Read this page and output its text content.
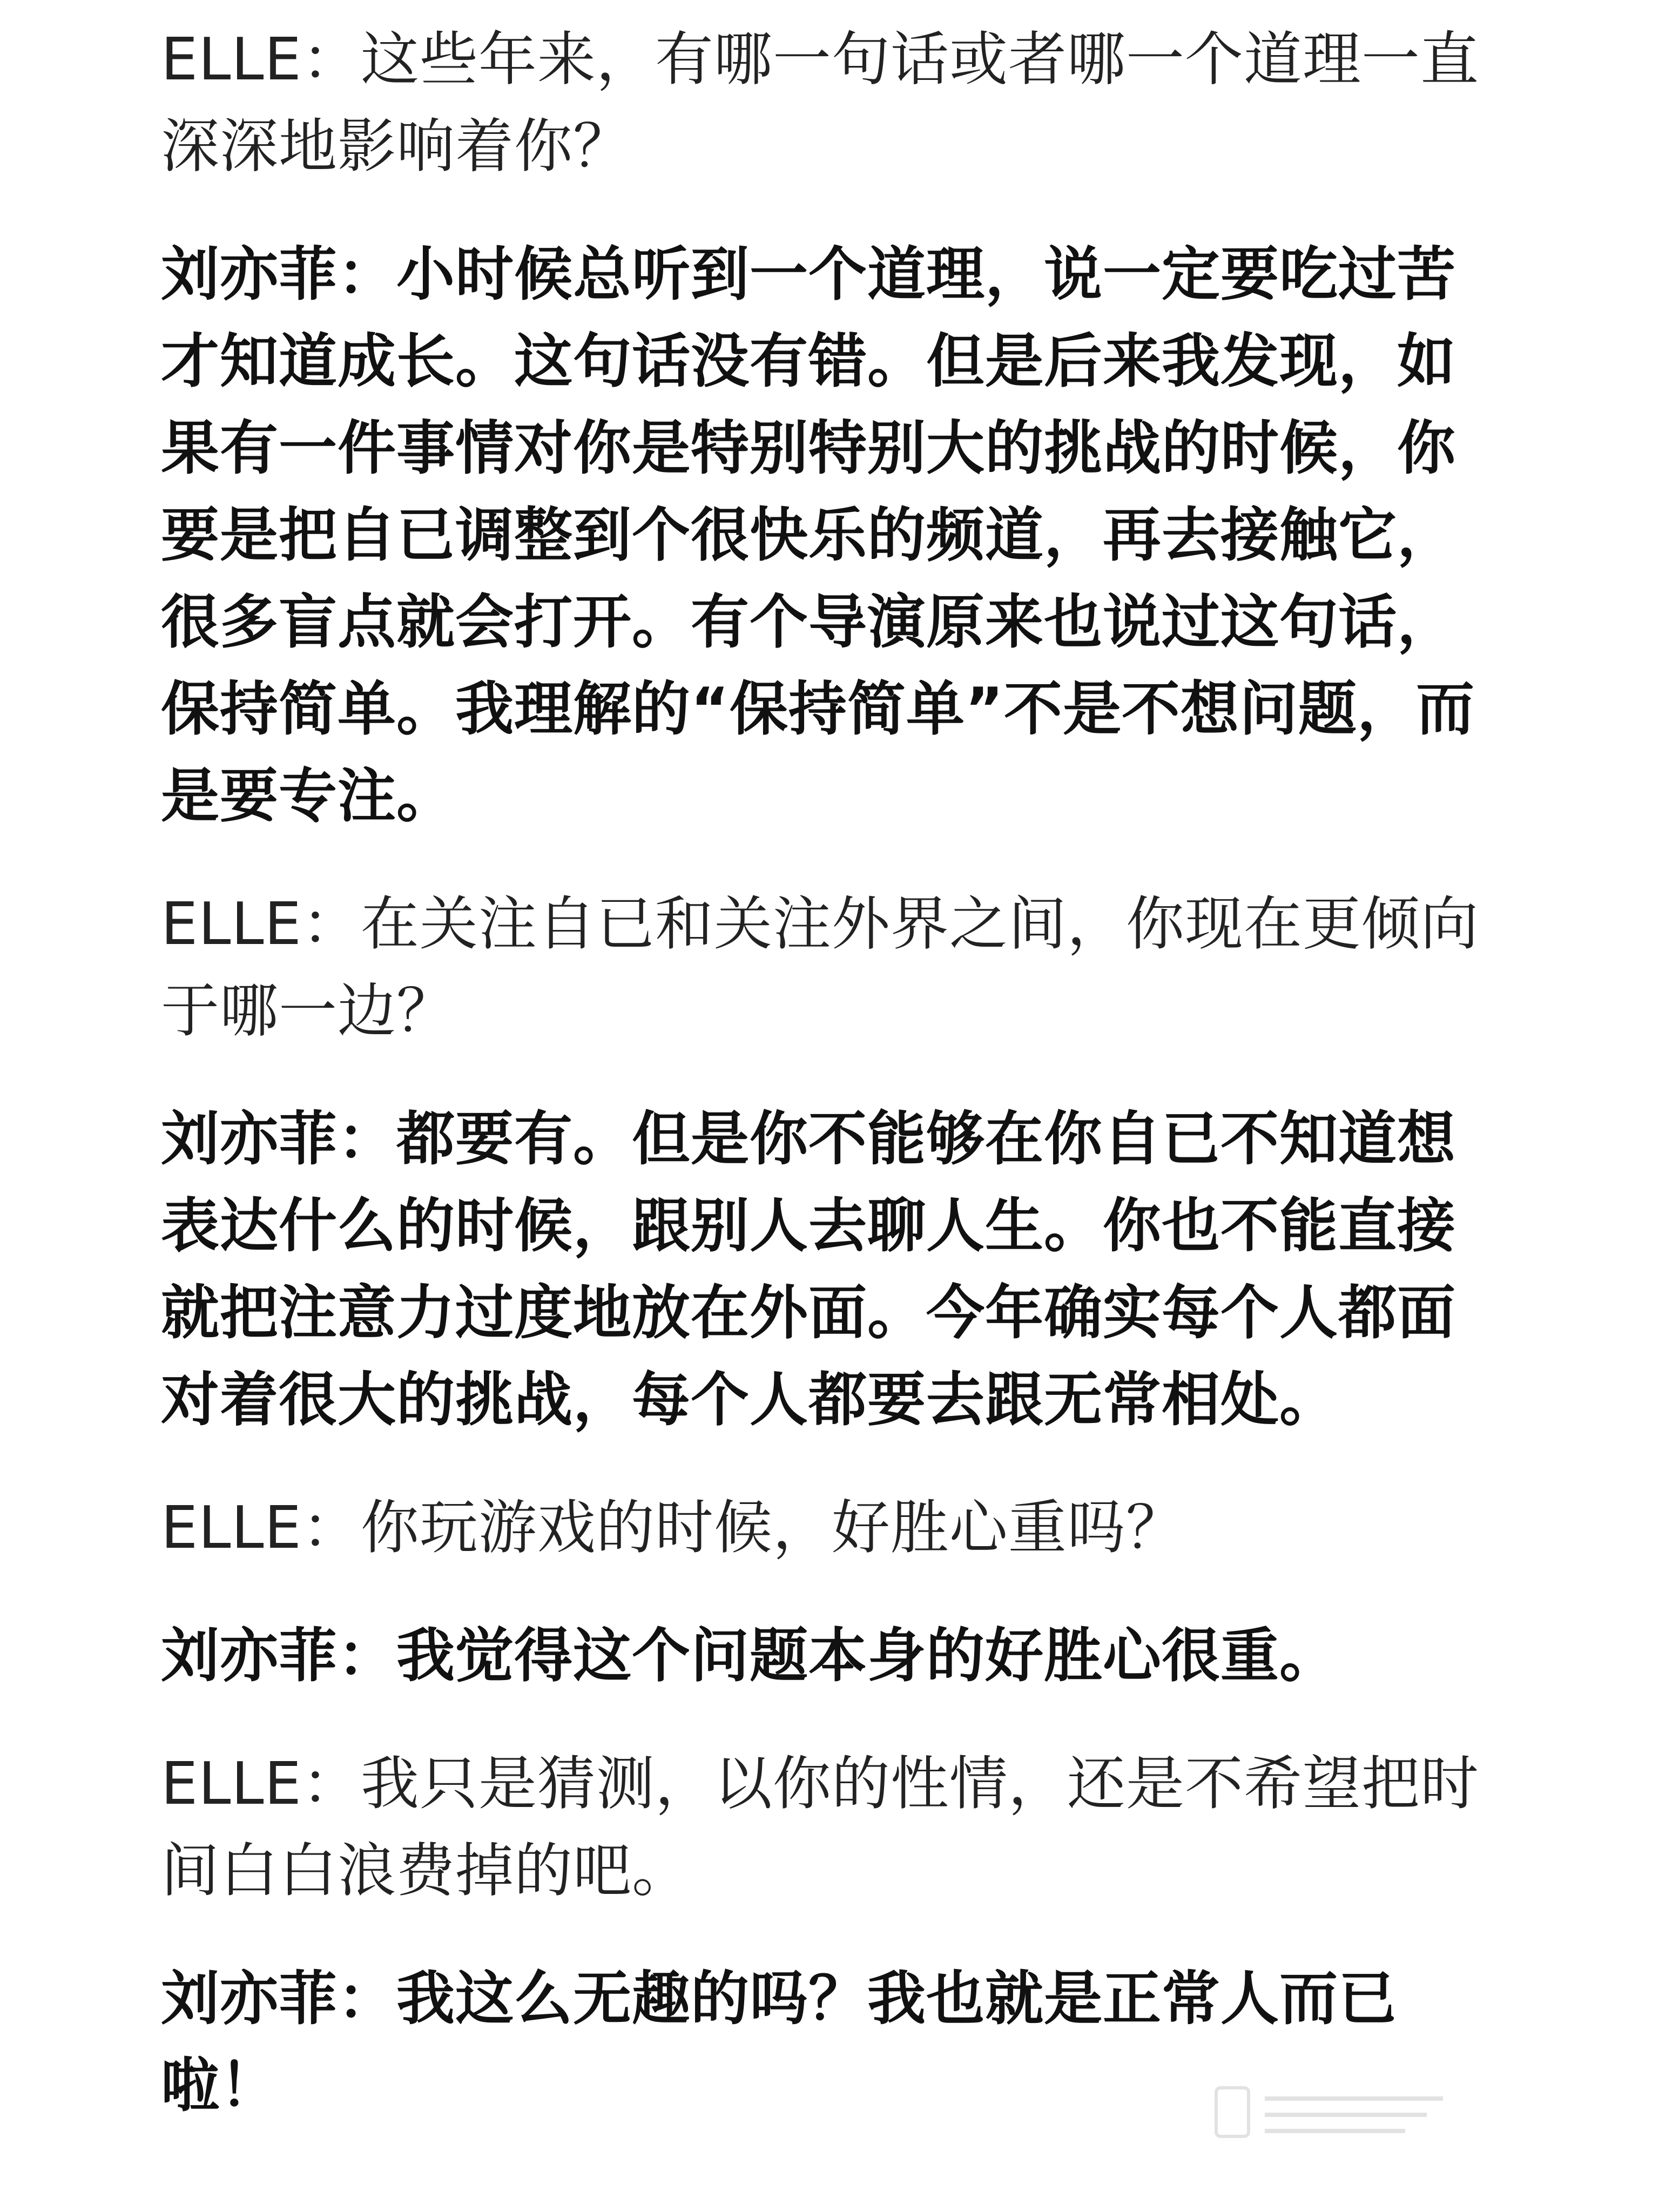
ELLE：这些年来，有哪一句话或者哪一个道理一直深深地影响着你？

刘亦菲：小时候总听到一个道理，说一定要吃过苦才知道成长。这句话没有错。但是后来我发现，如果有一件事情对你是特别特别大的挑战的时候，你要是把自已调整到个很快乐的频道，再去接触它，很多盲点就会打开。有个导演原来也说过这句话，保持简单。我理解的“保持简单”不是不想问题，而是要专注。

ELLE：在关注自已和关注外界之间，你现在更倾向于哪一边？

刘亦菲：都要有。但是你不能够在你自已不知道想表达什么的时候，跟别人去聊人生。你也不能直接就把注意力过度地放在外面。今年确实每个人都面对着很大的挑战，每个人都要去跟无常相处。

ELLE：你玩游戏的时候，好胜心重吗？

刘亦菲：我觉得这个问题本身的好胜心很重。

ELLE：我只是猜测，以你的性情，还是不希望把时间白白浪费掉的吧。

刘亦菲：我这么无趣的吗？我也就是正常人而已啦！
